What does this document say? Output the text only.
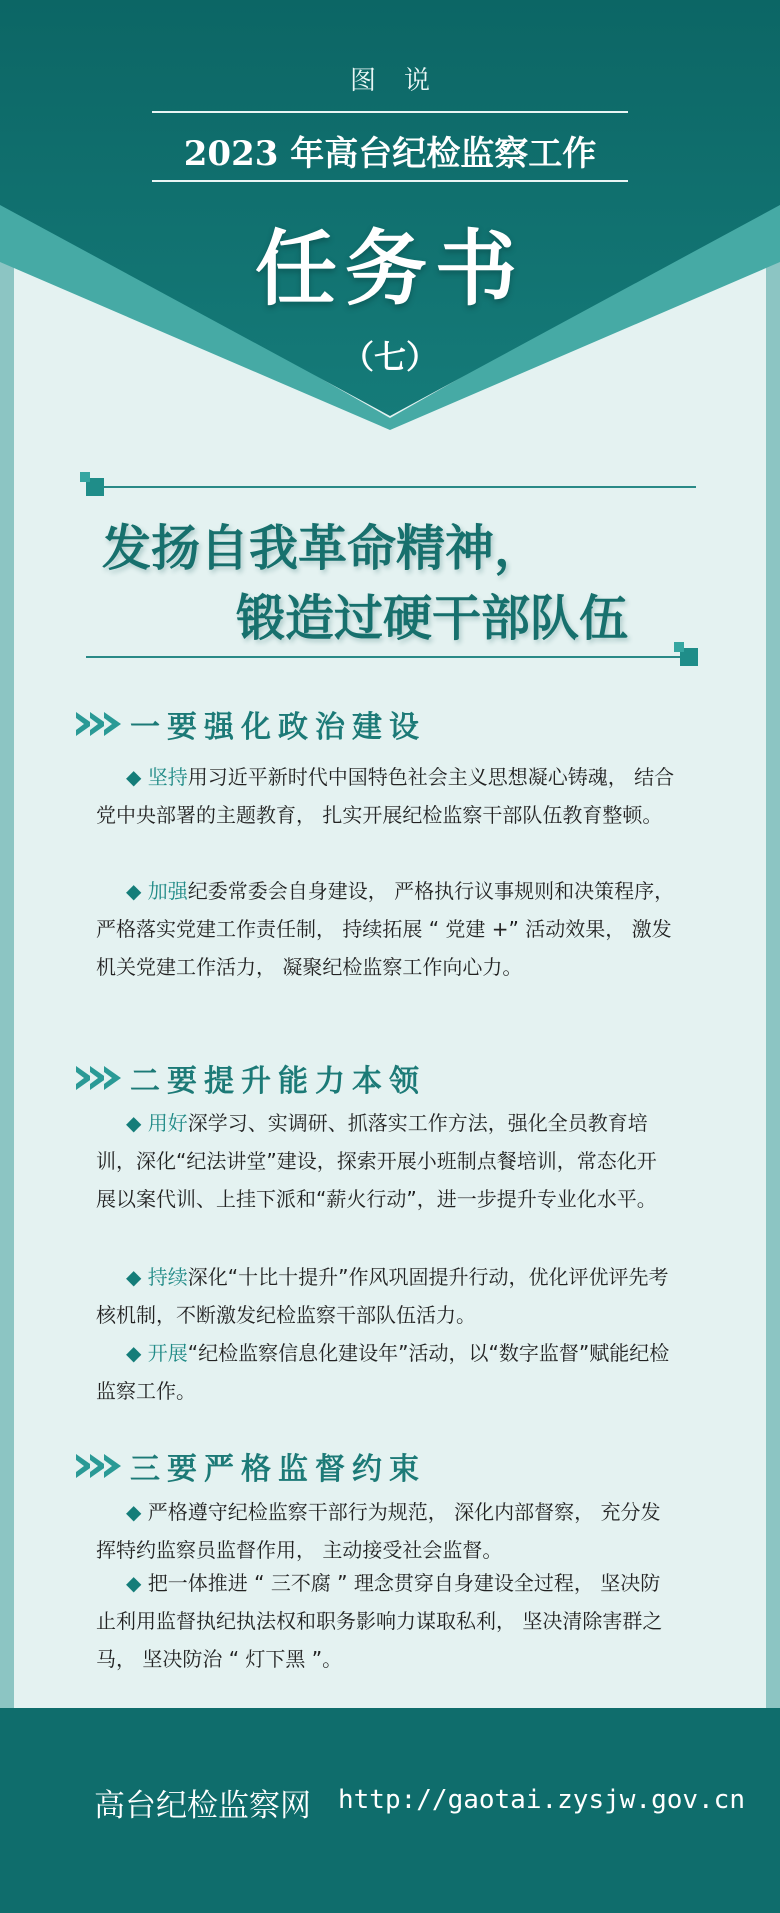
图说
2023 年高台纪检监察工作
任务书
（七）
发扬自我革命精神，
锻造过硬干部队伍
一要强化政治建设
◆ 坚持用习近平新时代中国特色社会主义思想凝心铸魂， 结合党中央部署的主题教育， 扎实开展纪检监察干部队伍教育整顿。
◆ 加强纪委常委会自身建设， 严格执行议事规则和决策程序， 严格落实党建工作责任制， 持续拓展 “ 党建 +” 活动效果， 激发机关党建工作活力， 凝聚纪检监察工作向心力。
二要提升能力本领
◆ 用好深学习、实调研、抓落实工作方法，强化全员教育培训，深化“纪法讲堂”建设，探索开展小班制点餐培训，常态化开展以案代训、上挂下派和“薪火行动”，进一步提升专业化水平。
◆ 持续深化“十比十提升”作风巩固提升行动，优化评优评先考核机制，不断激发纪检监察干部队伍活力。
◆ 开展“纪检监察信息化建设年”活动，以“数字监督”赋能纪检监察工作。
三要严格监督约束
◆ 严格遵守纪检监察干部行为规范， 深化内部督察， 充分发挥特约监察员监督作用， 主动接受社会监督。
◆ 把一体推进 “ 三不腐 ” 理念贯穿自身建设全过程， 坚决防止利用监督执纪执法权和职务影响力谋取私利， 坚决清除害群之马， 坚决防治 “ 灯下黑 ”。
高台纪检监察网 http://gaotai.zysjw.gov.cn
